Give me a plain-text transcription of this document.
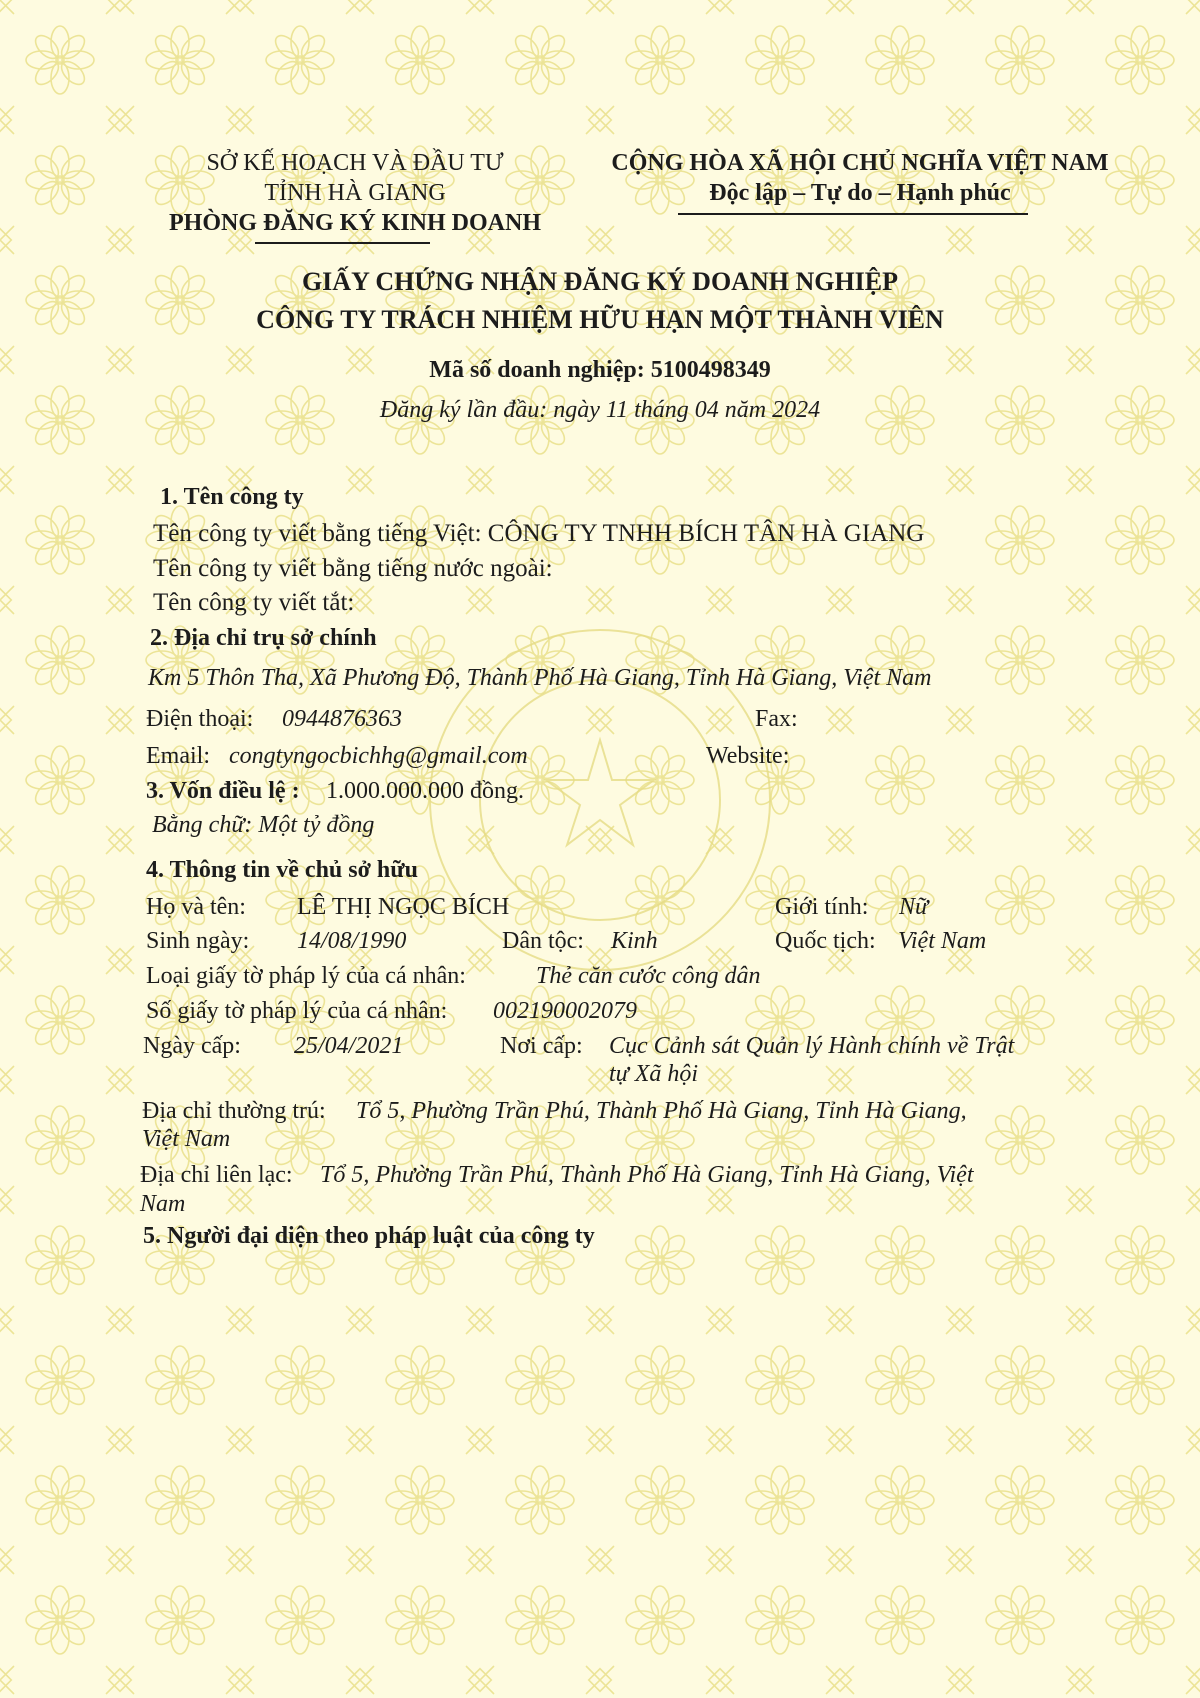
SỞ KẾ HOẠCH VÀ ĐẦU TƯ
TỈNH HÀ GIANG
PHÒNG ĐĂNG KÝ KINH DOANH
CỘNG HÒA XÃ HỘI CHỦ NGHĨA VIỆT NAM
Độc lập – Tự do – Hạnh phúc
GIẤY CHỨNG NHẬN ĐĂNG KÝ DOANH NGHIỆP
CÔNG TY TRÁCH NHIỆM HỮU HẠN MỘT THÀNH VIÊN
Mã số doanh nghiệp: 5100498349
Đăng ký lần đầu: ngày 11 tháng 04 năm 2024
1. Tên công ty
Tên công ty viết bằng tiếng Việt: CÔNG TY TNHH BÍCH TÂN HÀ GIANG
Tên công ty viết bằng tiếng nước ngoài:
Tên công ty viết tắt:
2. Địa chỉ trụ sở chính
Km 5 Thôn Tha, Xã Phương Độ, Thành Phố Hà Giang, Tỉnh Hà Giang, Việt Nam
Điện thoại: 0944876363	Fax:
Email: congtyngocbichhg@gmail.com	Website:
3. Vốn điều lệ : 1.000.000.000 đồng.
Bằng chữ: Một tỷ đồng
4. Thông tin về chủ sở hữu
Họ và tên: LÊ THỊ NGỌC BÍCH	Giới tính: Nữ
Sinh ngày: 14/08/1990	Dân tộc: Kinh	Quốc tịch: Việt Nam
Loại giấy tờ pháp lý của cá nhân:	Thẻ căn cước công dân
Số giấy tờ pháp lý của cá nhân: 002190002079
Ngày cấp: 25/04/2021	Nơi cấp: Cục Cảnh sát Quản lý Hành chính về Trật
tự Xã hội
Địa chỉ thường trú: Tổ 5, Phường Trần Phú, Thành Phố Hà Giang, Tỉnh Hà Giang,
Việt Nam
Địa chỉ liên lạc: Tổ 5, Phường Trần Phú, Thành Phố Hà Giang, Tỉnh Hà Giang, Việt
Nam
5. Người đại diện theo pháp luật của công ty
